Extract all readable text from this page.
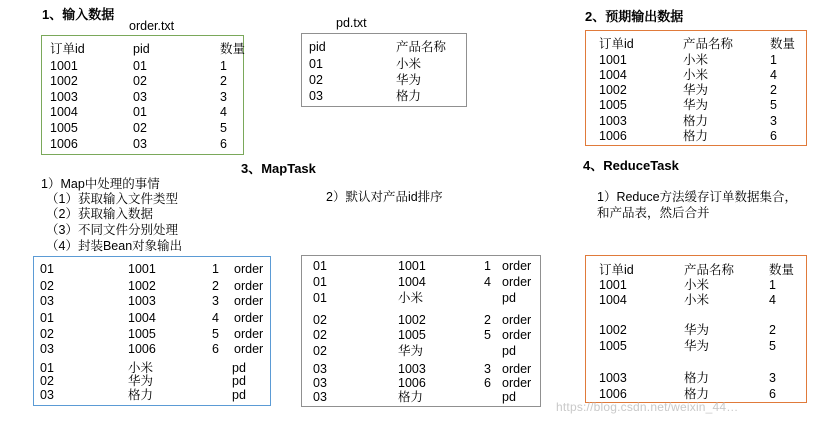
1、输入数据
order.txt	pd.txt
订单id	pid	数量
1001	01	1
1002	02	2
1003	03	3
1004	01	4
1005	02	5
1006	03	6
pid	产品名称
01	小米
02	华为
03	格力
2、预期输出数据
订单id	产品名称	数量
1001	小米	1
1004	小米	4
1002	华为	2
1005	华为	5
1003	格力	3
1006	格力	6
3、MapTask
1）Map中处理的事情
（1）获取输入文件类型
（2）获取输入数据
（3）不同文件分别处理
（4）封装Bean对象输出
2）默认对产品id排序
01	1001	1 order
02	1002	2 order
03	1003	3 order
01	1004	4 order
02	1005	5 order
03	1006	6 order
01	小米	pd
02	华为	pd
03	格力	pd
01	1001	1 order
01	1004	4 order
01	小米	pd
02	1002	2 order
02	1005	5 order
02	华为	pd
03	1003	3 order
03	1006	6 order
03	格力	pd
4、ReduceTask
1）Reduce方法缓存订单数据集合，
和产品表，然后合并
订单id	产品名称	数量
1001	小米	1
1004	小米	4
1002	华为	2
1005	华为	5
1003	格力	3
1006	格力	6
https://blog.csdn.net/weixin_44…
